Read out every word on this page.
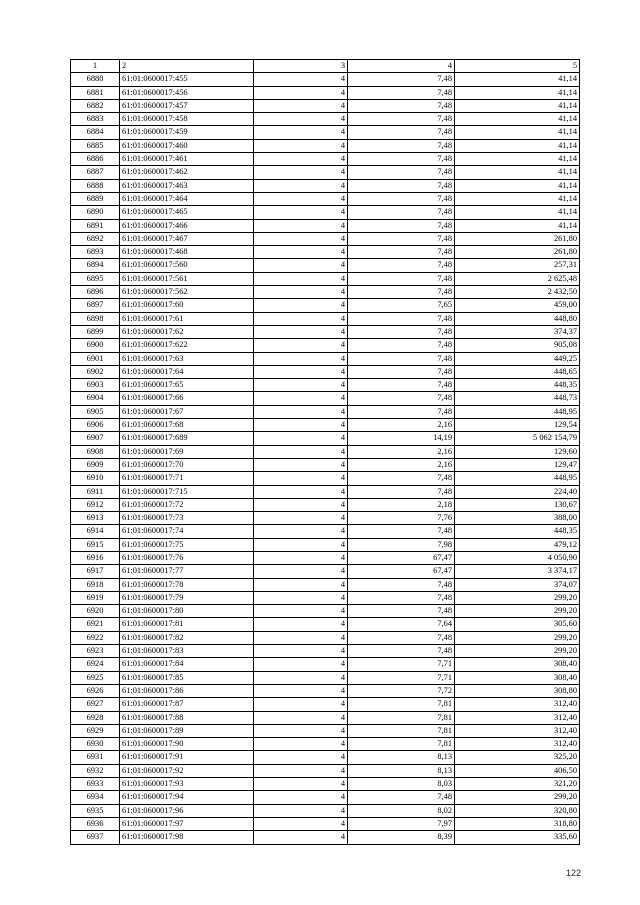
1	2	3	4	5
6880	61:01:0600017:455	4	7,48	41,14
6881	61:01:0600017:456	4	7,48	41,14
6882	61:01:0600017:457	4	7,48	41,14
6883	61:01:0600017:458	4	7,48	41,14
6884	61:01:0600017:459	4	7,48	41,14
6885	61:01:0600017:460	4	7,48	41,14
6886	61:01:0600017:461	4	7,48	41,14
6887	61:01:0600017:462	4	7,48	41,14
6888	61:01:0600017:463	4	7,48	41,14
6889	61:01:0600017:464	4	7,48	41,14
6890	61:01:0600017:465	4	7,48	41,14
6891	61:01:0600017:466	4	7,48	41,14
6892	61:01:0600017:467	4	7,48	261,80
6893	61:01:0600017:468	4	7,48	261,80
6894	61:01:0600017:560	4	7,48	257,31
6895	61:01:0600017:561	4	7,48	2 625,48
6896	61:01:0600017:562	4	7,48	2 432,50
6897	61:01:0600017:60	4	7,65	459,00
6898	61:01:0600017:61	4	7,48	448,80
6899	61:01:0600017:62	4	7,48	374,37
6900	61:01:0600017:622	4	7,48	905,08
6901	61:01:0600017:63	4	7,48	449,25
6902	61:01:0600017:64	4	7,48	448,65
6903	61:01:0600017:65	4	7,48	448,35
6904	61:01:0600017:66	4	7,48	448,73
6905	61:01:0600017:67	4	7,48	448,95
6906	61:01:0600017:68	4	2,16	129,54
6907	61:01:0600017:689	4	14,19	5 062 154,79
6908	61:01:0600017:69	4	2,16	129,60
6909	61:01:0600017:70	4	2,16	129,47
6910	61:01:0600017:71	4	7,48	448,95
6911	61:01:0600017:715	4	7,48	224,40
6912	61:01:0600017:72	4	2,18	130,67
6913	61:01:0600017:73	4	7,76	388,00
6914	61:01:0600017:74	4	7,48	448,35
6915	61:01:0600017:75	4	7,98	479,12
6916	61:01:0600017:76	4	67,47	4 050,90
6917	61:01:0600017:77	4	67,47	3 374,17
6918	61:01:0600017:78	4	7,48	374,07
6919	61:01:0600017:79	4	7,48	299,20
6920	61:01:0600017:80	4	7,48	299,20
6921	61:01:0600017:81	4	7,64	305,60
6922	61:01:0600017:82	4	7,48	299,20
6923	61:01:0600017:83	4	7,48	299,20
6924	61:01:0600017:84	4	7,71	308,40
6925	61:01:0600017:85	4	7,71	308,40
6926	61:01:0600017:86	4	7,72	308,80
6927	61:01:0600017:87	4	7,81	312,40
6928	61:01:0600017:88	4	7,81	312,40
6929	61:01:0600017:89	4	7,81	312,40
6930	61:01:0600017:90	4	7,81	312,40
6931	61:01:0600017:91	4	8,13	325,20
6932	61:01:0600017:92	4	8,13	406,50
6933	61:01:0600017:93	4	8,03	321,20
6934	61:01:0600017:94	4	7,48	299,20
6935	61:01:0600017:96	4	8,02	320,80
6936	61:01:0600017:97	4	7,97	318,80
6937	61:01:0600017:98	4	8,39	335,60
122
